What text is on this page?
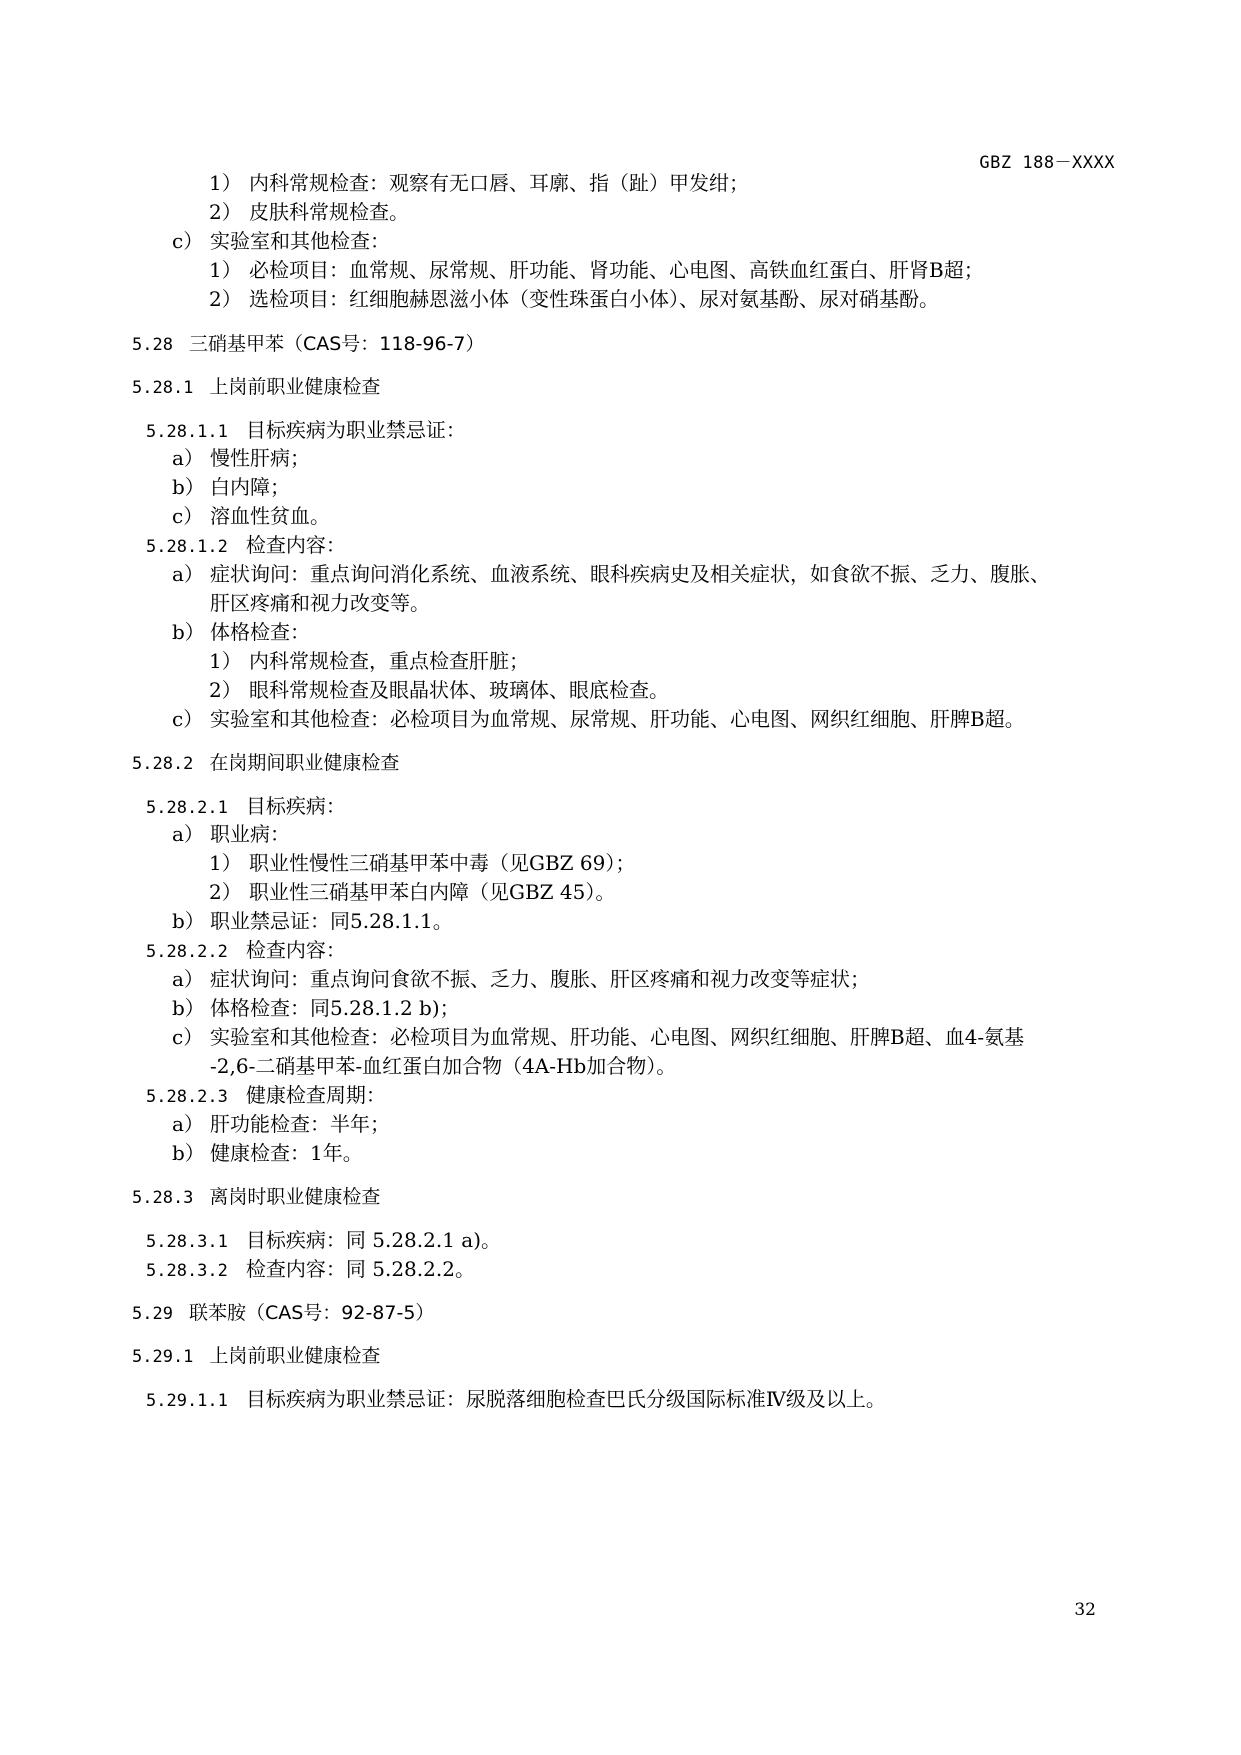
GBZ 188－XXXX
1） 内科常规检查：观察有无口唇、耳廓、指（趾）甲发绀；
2） 皮肤科常规检查。
c） 实验室和其他检查：
1） 必检项目：血常规、尿常规、肝功能、肾功能、心电图、高铁血红蛋白、肝肾B超；
2） 选检项目：红细胞赫恩滋小体（变性珠蛋白小体）、尿对氨基酚、尿对硝基酚。
5.28 三硝基甲苯（CAS号：118-96-7）
5.28.1 上岗前职业健康检查
5.28.1.1 目标疾病为职业禁忌证：
a） 慢性肝病；
b） 白内障；
c） 溶血性贫血。
5.28.1.2 检查内容：
a） 症状询问：重点询问消化系统、血液系统、眼科疾病史及相关症状，如食欲不振、乏力、腹胀、
肝区疼痛和视力改变等。
b） 体格检查：
1） 内科常规检查，重点检查肝脏；
2） 眼科常规检查及眼晶状体、玻璃体、眼底检查。
c） 实验室和其他检查：必检项目为血常规、尿常规、肝功能、心电图、网织红细胞、肝脾B超。
5.28.2 在岗期间职业健康检查
5.28.2.1 目标疾病：
a） 职业病：
1） 职业性慢性三硝基甲苯中毒（见GBZ 69）；
2） 职业性三硝基甲苯白内障（见GBZ 45）。
b） 职业禁忌证：同5.28.1.1。
5.28.2.2 检查内容：
a） 症状询问：重点询问食欲不振、乏力、腹胀、肝区疼痛和视力改变等症状；
b） 体格检查：同5.28.1.2 b)；
c） 实验室和其他检查：必检项目为血常规、肝功能、心电图、网织红细胞、肝脾B超、血4-氨基
-2,6-二硝基甲苯-血红蛋白加合物（4A-Hb加合物）。
5.28.2.3 健康检查周期：
a） 肝功能检查：半年；
b） 健康检查：1年。
5.28.3 离岗时职业健康检查
5.28.3.1 目标疾病：同 5.28.2.1 a)。
5.28.3.2 检查内容：同 5.28.2.2。
5.29 联苯胺（CAS号：92-87-5）
5.29.1 上岗前职业健康检查
5.29.1.1 目标疾病为职业禁忌证：尿脱落细胞检查巴氏分级国际标准Ⅳ级及以上。
32
